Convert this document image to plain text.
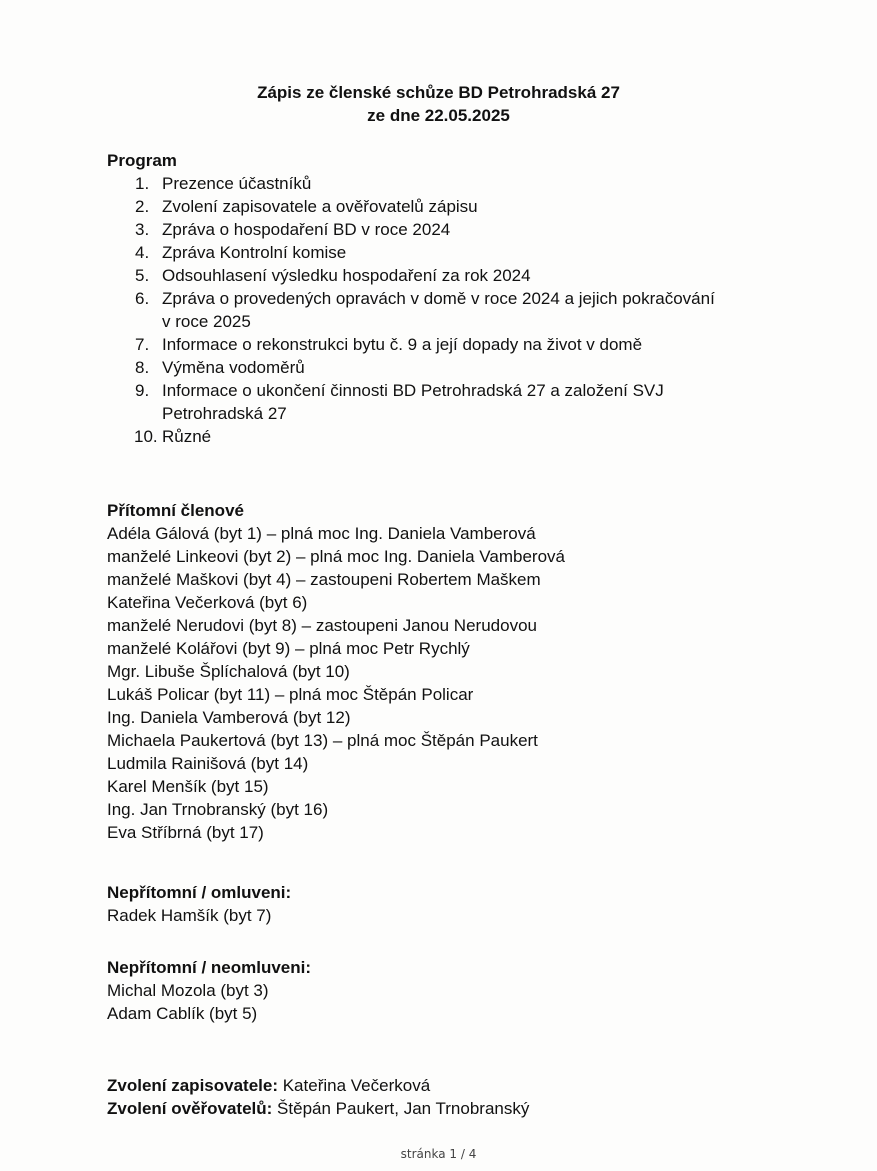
Zápis ze členské schůze BD Petrohradská 27

ze dne 22.05.2025

Program

1. Prezence účastníků
2. Zvolení zapisovatele a ověřovatelů zápisu
3. Zpráva o hospodaření BD v roce 2024
4. Zpráva Kontrolní komise
5. Odsouhlasení výsledku hospodaření za rok 2024
6. Zpráva o provedených opravách v domě v roce 2024 a jejich pokračování
v roce 2025
7. Informace o rekonstrukci bytu č. 9 a její dopady na život v domě
8. Výměna vodoměrů
9. Informace o ukončení činnosti BD Petrohradská 27 a založení SVJ
Petrohradská 27
10. Různé

Přítomní členové

Adéla Gálová (byt 1) – plná moc Ing. Daniela Vamberová

manželé Linkeovi (byt 2) – plná moc Ing. Daniela Vamberová

manželé Maškovi (byt 4) – zastoupeni Robertem Maškem

Kateřina Večerková (byt 6)

manželé Nerudovi (byt 8) – zastoupeni Janou Nerudovou

manželé Kolářovi (byt 9) – plná moc Petr Rychlý

Mgr. Libuše Šplíchalová (byt 10)

Lukáš Policar (byt 11) – plná moc Štěpán Policar

Ing. Daniela Vamberová (byt 12)

Michaela Paukertová (byt 13) – plná moc Štěpán Paukert

Ludmila Rainišová (byt 14)

Karel Menšík (byt 15)

Ing. Jan Trnobranský (byt 16)

Eva Stříbrná (byt 17)

Nepřítomní / omluveni:

Radek Hamšík (byt 7)

Nepřítomní / neomluveni:

Michal Mozola (byt 3)

Adam Cablík (byt 5)

Zvolení zapisovatele: Kateřina Večerková

Zvolení ověřovatelů: Štěpán Paukert, Jan Trnobranský

stránka 1 / 4
